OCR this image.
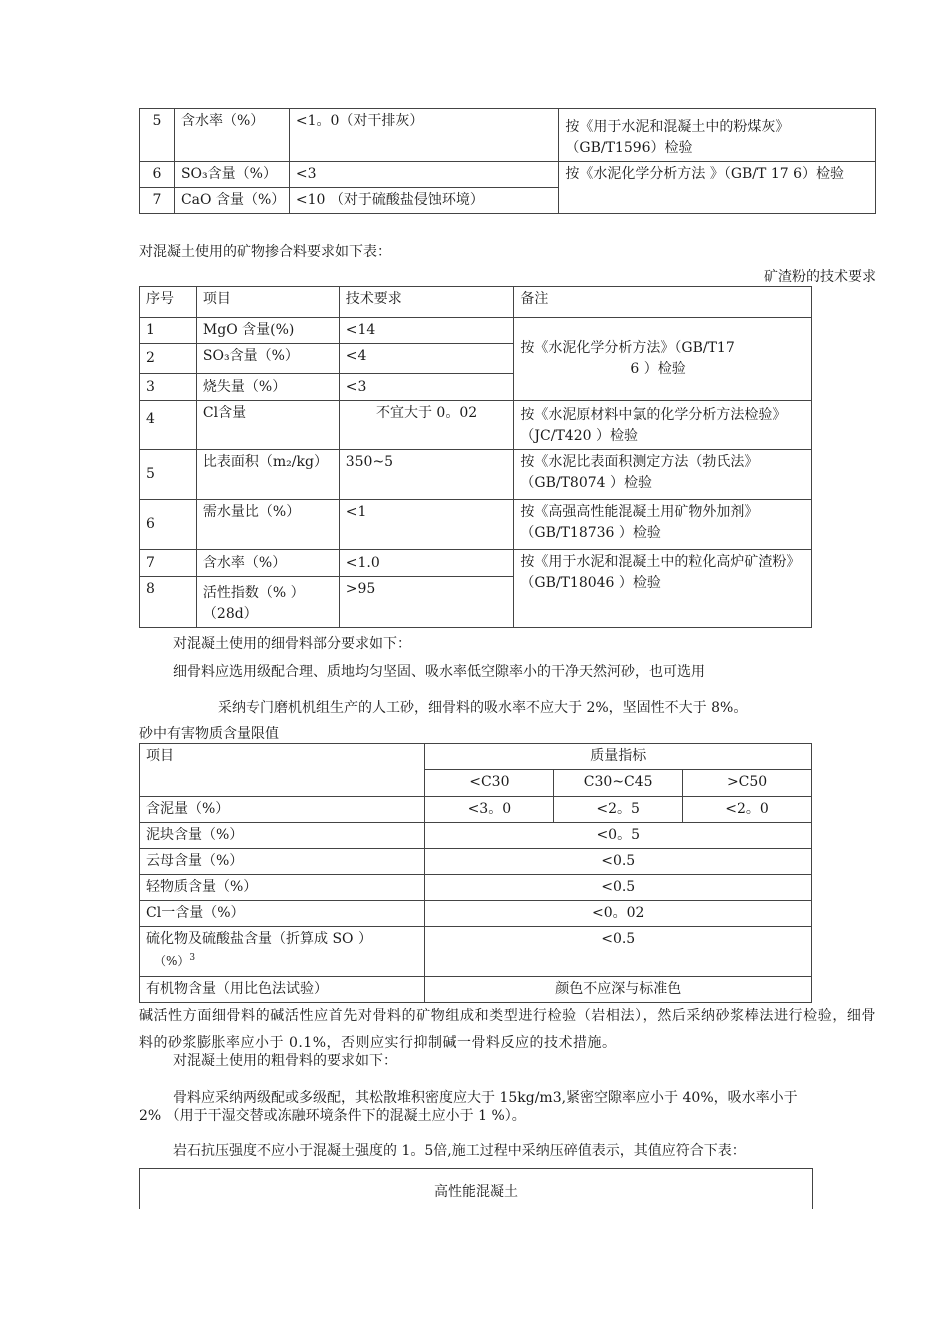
5	含水率（%）	<1。0（对干排灰）	按《用于水泥和混凝土中的粉煤灰》（GB/T1596）检验
6	SO₃含量（%）	<3	按《水泥化学分析方法 》（GB/T 17 6）检验
7	CaO 含量（%）	<10 （对于硫酸盐侵蚀环境）	
对混凝土使用的矿物掺合料要求如下表：
矿渣粉的技术要求
序号	项目	技术要求	备注
1	MgO 含量(%)	<14	按《水泥化学分析方法》（GB/T17
6 ）检验

2	SO₃含量（%）	<4	
3	烧失量（%）	<3	
4	Cl含量	不宜大于 0。02	按《水泥原材料中氯的化学分析方法检验》（JC/T420 ）检验
5	比表面积（m₂/kg）	350~5	按《水泥比表面积测定方法（勃氏法》（GB/T8074 ）检验
6	需水量比（%）	<1	按《高强高性能混凝土用矿物外加剂》（GB/T18736 ）检验
7	含水率（%）	<1.0	按《用于水泥和混凝土中的粒化高炉矿渣粉》（GB/T18046 ）检验
8	活性指数（% ）（28d）	>95	
对混凝土使用的细骨料部分要求如下：
细骨料应选用级配合理、质地均匀坚固、吸水率低空隙率小的干净天然河砂，也可选用
采纳专门磨机机组生产的人工砂，细骨料的吸水率不应大于 2%，坚固性不大于 8%。
砂中有害物质含量限值
项目	质量指标		
	<C30	C30~C45	>C50
含泥量（%）	<3。0	<2。5	<2。0
泥块含量（%）	<0。5		
云母含量（%）	<0.5		
轻物质含量（%）	<0.5		
Cl一含量（%）	<0。02		

硫化物及硫酸盐含量（折算成 SO ）
（%）$^3$	<0.5		
有机物含量（用比色法试验）	颜色不应深与标准色		
碱活性方面细骨料的碱活性应首先对骨料的矿物组成和类型进行检验（岩相法），然后采纳砂浆棒法进行检验，细骨料的砂浆膨胀率应小于 0.1%，否则应实行抑制碱一骨料反应的技术措施。
对混凝土使用的粗骨料的要求如下：
骨料应采纳两级配或多级配，其松散堆积密度应大于 15kg/m3,紧密空隙率应小于 40%，吸水率小于
2% （用于干湿交替或冻融环境条件下的混凝土应小于 1 %）。
岩石抗压强度不应小于混凝土强度的 1。5倍,施工过程中采纳压碎值表示，其值应符合下表：
高性能混凝土
